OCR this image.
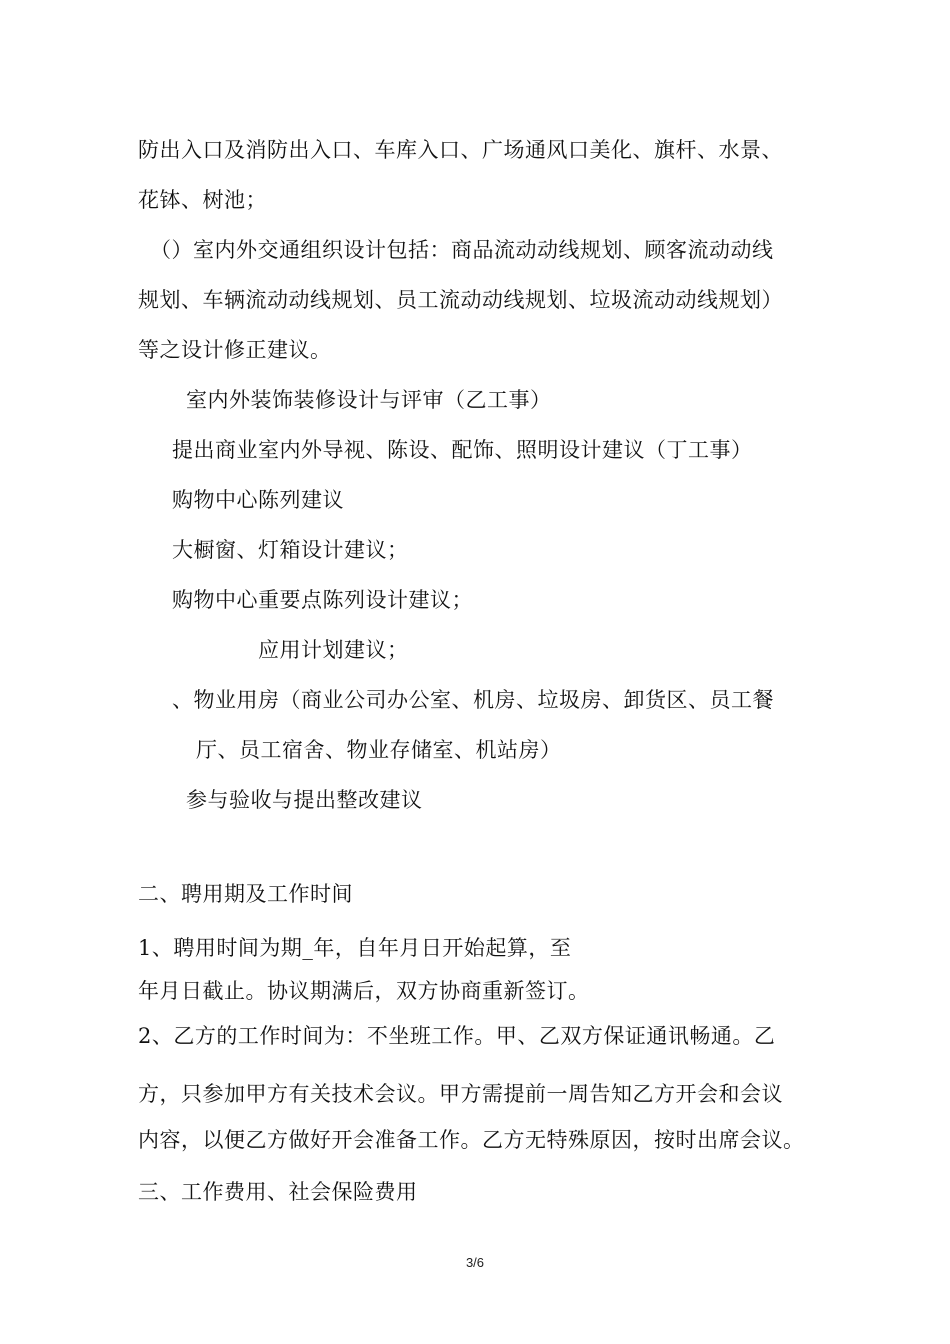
防出入口及消防出入口、车库入口、广场通风口美化、旗杆、水景、
花钵、树池；
（）室内外交通组织设计包括：商品流动动线规划、顾客流动动线
规划、车辆流动动线规划、员工流动动线规划、垃圾流动动线规划）
等之设计修正建议。
室内外装饰装修设计与评审（乙工事）
提出商业室内外导视、陈设、配饰、照明设计建议（丁工事）
购物中心陈列建议
大橱窗、灯箱设计建议；
购物中心重要点陈列设计建议；
应用计划建议；
、物业用房（商业公司办公室、机房、垃圾房、卸货区、员工餐
厅、员工宿舍、物业存储室、机站房）
参与验收与提出整改建议
二、聘用期及工作时间
1、聘用时间为期_年，自年月日开始起算，至
年月日截止。协议期满后，双方协商重新签订。
2、乙方的工作时间为：不坐班工作。甲、乙双方保证通讯畅通。乙
方，只参加甲方有关技术会议。甲方需提前一周告知乙方开会和会议
内容，以便乙方做好开会准备工作。乙方无特殊原因，按时出席会议。
三、工作费用、社会保险费用
3/6
